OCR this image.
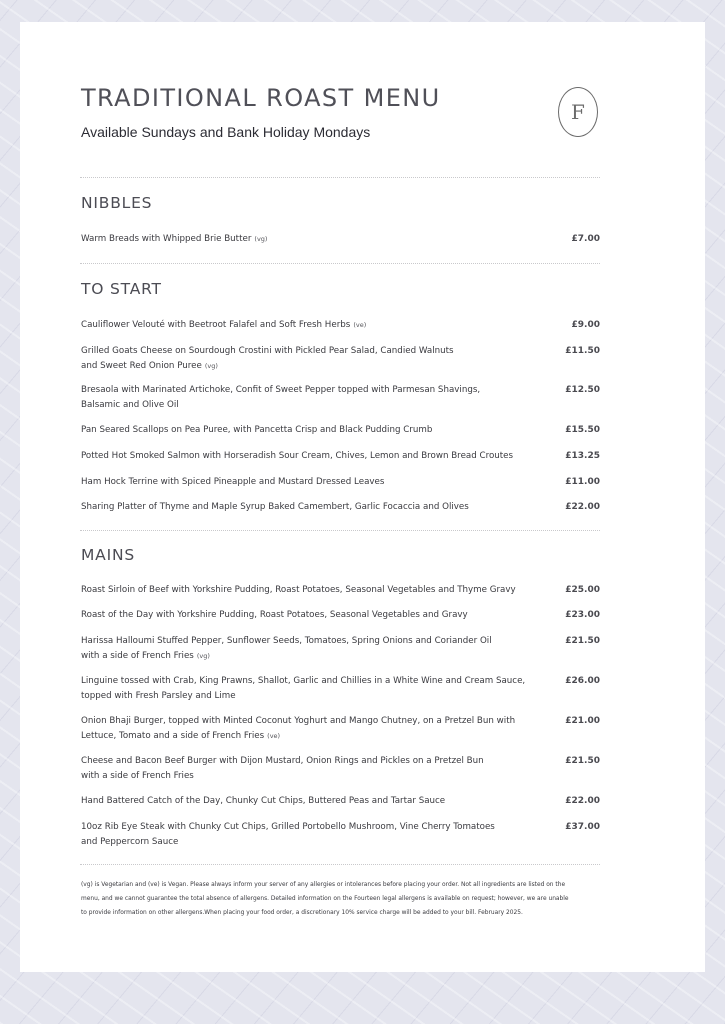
TRADITIONAL ROAST MENU
Available Sundays and Bank Holiday Mondays
F
NIBBLES
Warm Breads with Whipped Brie Butter (vg)	£7.00
TO START
Cauliflower Velouté with Beetroot Falafel and Soft Fresh Herbs (ve)	£9.00
Grilled Goats Cheese on Sourdough Crostini with Pickled Pear Salad, Candied Walnuts
and Sweet Red Onion Puree (vg)
£11.50
Bresaola with Marinated Artichoke, Confit of Sweet Pepper topped with Parmesan Shavings,
Balsamic and Olive Oil
£12.50
Pan Seared Scallops on Pea Puree, with Pancetta Crisp and Black Pudding Crumb	£15.50
Potted Hot Smoked Salmon with Horseradish Sour Cream, Chives, Lemon and Brown Bread Croutes	£13.25
Ham Hock Terrine with Spiced Pineapple and Mustard Dressed Leaves	£11.00
Sharing Platter of Thyme and Maple Syrup Baked Camembert, Garlic Focaccia and Olives	£22.00
MAINS
Roast Sirloin of Beef with Yorkshire Pudding, Roast Potatoes, Seasonal Vegetables and Thyme Gravy	£25.00
Roast of the Day with Yorkshire Pudding, Roast Potatoes, Seasonal Vegetables and Gravy	£23.00
Harissa Halloumi Stuffed Pepper, Sunflower Seeds, Tomatoes, Spring Onions and Coriander Oil
with a side of French Fries (vg)
£21.50
Linguine tossed with Crab, King Prawns, Shallot, Garlic and Chillies in a White Wine and Cream Sauce,
topped with Fresh Parsley and Lime
£26.00
Onion Bhaji Burger, topped with Minted Coconut Yoghurt and Mango Chutney, on a Pretzel Bun with
Lettuce, Tomato and a side of French Fries (ve)
£21.00
Cheese and Bacon Beef Burger with Dijon Mustard, Onion Rings and Pickles on a Pretzel Bun
with a side of French Fries
£21.50
Hand Battered Catch of the Day, Chunky Cut Chips, Buttered Peas and Tartar Sauce	£22.00
10oz Rib Eye Steak with Chunky Cut Chips, Grilled Portobello Mushroom, Vine Cherry Tomatoes
and Peppercorn Sauce
£37.00
(vg) is Vegetarian and (ve) is Vegan. Please always inform your server of any allergies or intolerances before placing your order. Not all ingredients are listed on the
menu, and we cannot guarantee the total absence of allergens. Detailed information on the Fourteen legal allergens is available on request; however, we are unable
to provide information on other allergens.When placing your food order, a discretionary 10% service charge will be added to your bill. February 2025.
